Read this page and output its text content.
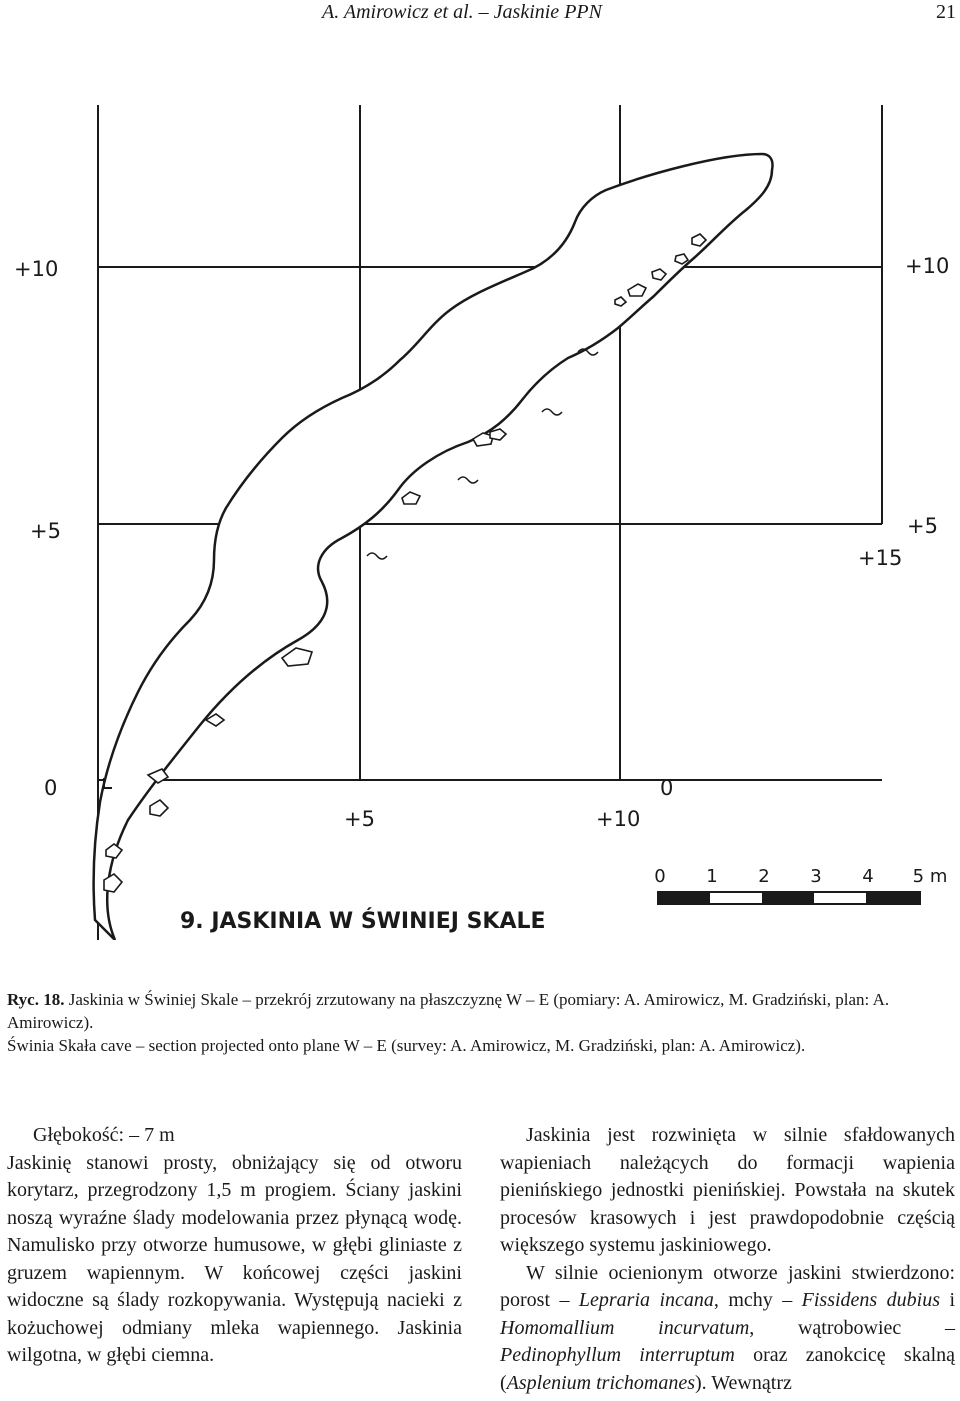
A. Amirowicz et al. – Jaskinie PPN	21
+10	+10
+5	+5
+15
0	0
+5	+10
0 1 2 3 4 5 m
9. JASKINIA W ŚWINIEJ SKALE

Ryc. 18. Jaskinia w Świniej Skale – przekrój zrzutowany na płaszczyznę W – E (pomiary: A. Amirowicz, M. Gradziński, plan: A. Amirowicz).

Świnia Skała cave – section projected onto plane W – E (survey: A. Amirowicz, M. Gradziński, plan: A. Amirowicz).

Głębokość: – 7 m

Jaskinię stanowi prosty, obniżający się od otworu korytarz, przegrodzony 1,5 m progiem. Ściany jaskini noszą wyraźne ślady modelowania przez płynącą wodę. Namulisko przy otworze humusowe, w głębi gliniaste z gruzem wapiennym. W końcowej części jaskini widoczne są ślady rozkopywania. Występują nacieki z kożuchowej odmiany mleka wapiennego. Jaskinia wilgotna, w głębi ciemna.

Jaskinia jest rozwinięta w silnie sfałdowanych wapieniach należących do formacji wapienia pienińskiego jednostki pienińskiej. Powstała na skutek procesów krasowych i jest prawdopodobnie częścią większego systemu jaskiniowego.

W silnie ocienionym otworze jaskini stwierdzono: porost – Lepraria incana, mchy – Fissidens dubius i Homomallium incurvatum, wątrobowiec – Pedinophyllum interruptum oraz zanokcicę skalną (Asplenium trichomanes). Wewnątrz
